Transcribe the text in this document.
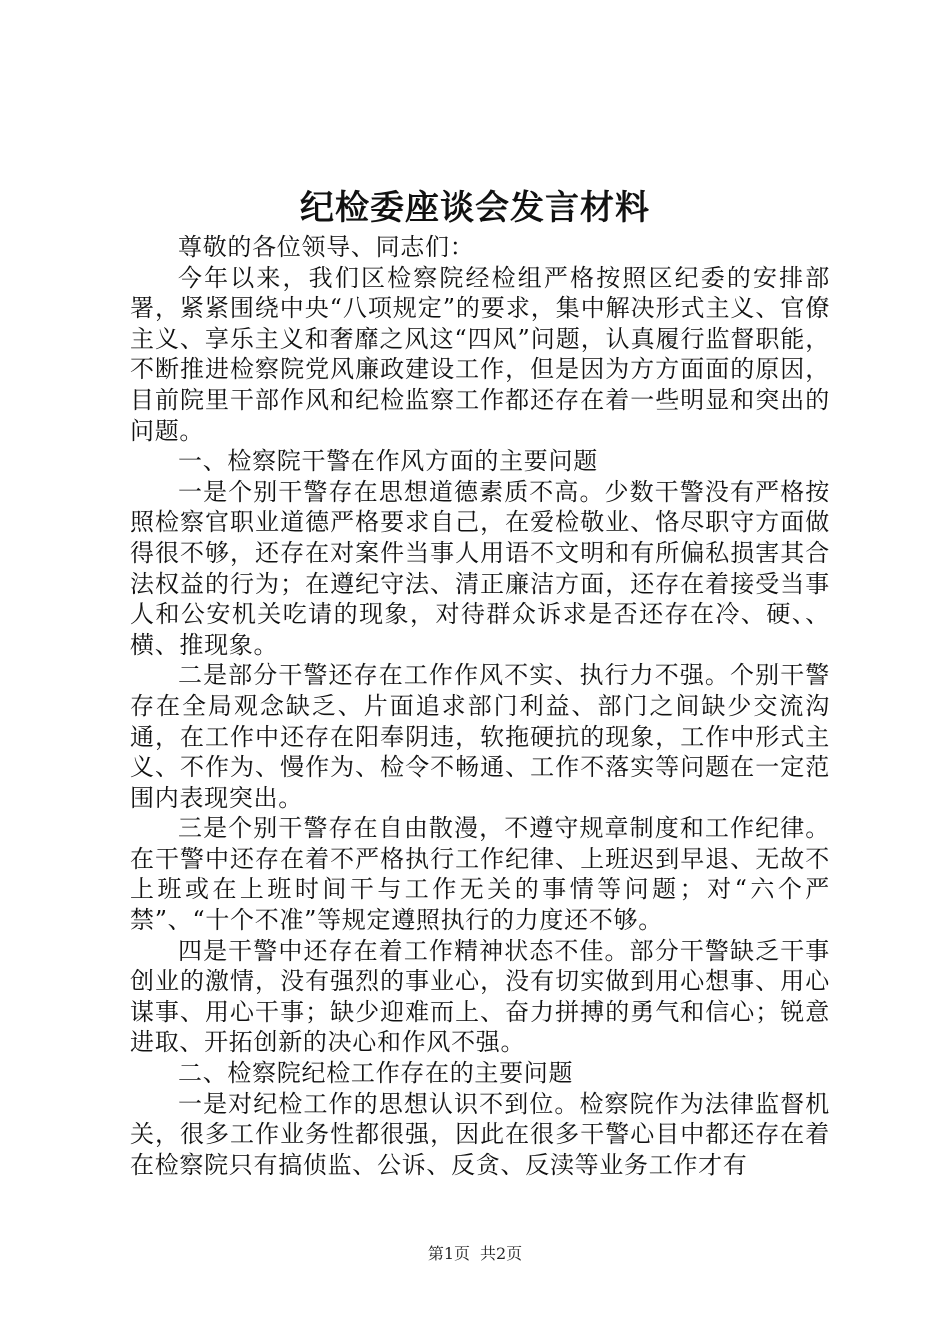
纪检委座谈会发言材料

尊敬的各位领导、同志们：

今年以来，我们区检察院经检组严格按照区纪委的安排部署，紧紧围绕中央“八项规定”的要求，集中解决形式主义、官僚主义、享乐主义和奢靡之风这“四风”问题，认真履行监督职能，不断推进检察院党风廉政建设工作，但是因为方方面面的原因，目前院里干部作风和纪检监察工作都还存在着一些明显和突出的问题。

一、检察院干警在作风方面的主要问题

一是个别干警存在思想道德素质不高。少数干警没有严格按照检察官职业道德严格要求自己，在爱检敬业、恪尽职守方面做得很不够，还存在对案件当事人用语不文明和有所偏私损害其合法权益的行为；在遵纪守法、清正廉洁方面，还存在着接受当事人和公安机关吃请的现象，对待群众诉求是否还存在冷、硬、、横、推现象。

二是部分干警还存在工作作风不实、执行力不强。个别干警存在全局观念缺乏、片面追求部门利益、部门之间缺少交流沟通，在工作中还存在阳奉阴违，软拖硬抗的现象，工作中形式主义、不作为、慢作为、检令不畅通、工作不落实等问题在一定范围内表现突出。

三是个别干警存在自由散漫，不遵守规章制度和工作纪律。在干警中还存在着不严格执行工作纪律、上班迟到早退、无故不上班或在上班时间干与工作无关的事情等问题；对“六个严禁”、“十个不准”等规定遵照执行的力度还不够。

四是干警中还存在着工作精神状态不佳。部分干警缺乏干事创业的激情，没有强烈的事业心，没有切实做到用心想事、用心谋事、用心干事；缺少迎难而上、奋力拼搏的勇气和信心；锐意进取、开拓创新的决心和作风不强。

二、检察院纪检工作存在的主要问题

一是对纪检工作的思想认识不到位。检察院作为法律监督机关，很多工作业务性都很强，因此在很多干警心目中都还存在着在检察院只有搞侦监、公诉、反贪、反渎等业务工作才有

第1页 共2页
